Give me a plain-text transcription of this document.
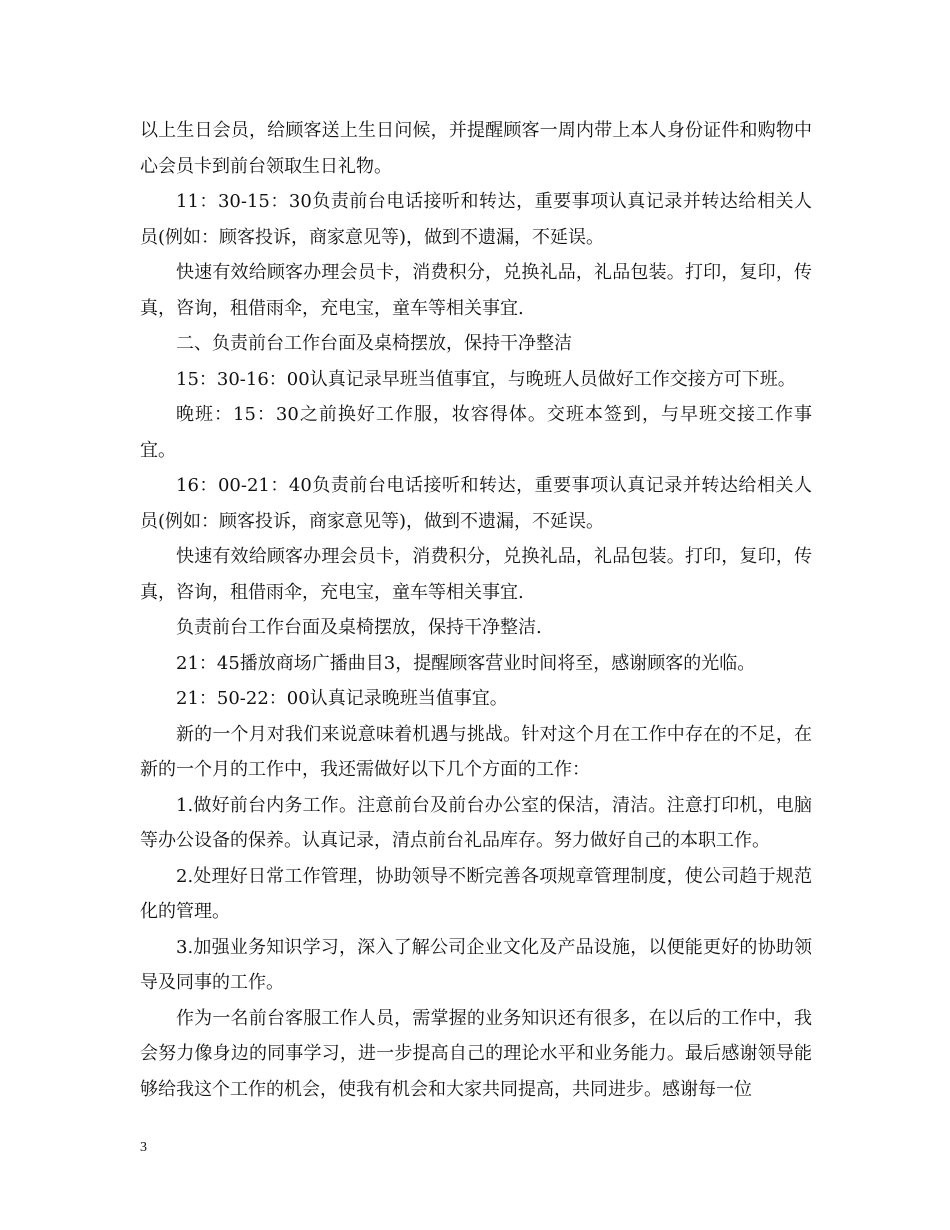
以上生日会员，给顾客送上生日问候，并提醒顾客一周内带上本人身份证件和购物中心会员卡到前台领取生日礼物。

11：30-15：30负责前台电话接听和转达，重要事项认真记录并转达给相关人员(例如：顾客投诉，商家意见等)，做到不遗漏，不延误。

快速有效给顾客办理会员卡，消费积分，兑换礼品，礼品包装。打印，复印，传真，咨询，租借雨伞，充电宝，童车等相关事宜.

二、负责前台工作台面及桌椅摆放，保持干净整洁

15：30-16：00认真记录早班当值事宜，与晚班人员做好工作交接方可下班。

晚班：15：30之前换好工作服，妆容得体。交班本签到，与早班交接工作事宜。

16：00-21：40负责前台电话接听和转达，重要事项认真记录并转达给相关人员(例如：顾客投诉，商家意见等)，做到不遗漏，不延误。

快速有效给顾客办理会员卡，消费积分，兑换礼品，礼品包装。打印，复印，传真，咨询，租借雨伞，充电宝，童车等相关事宜.

负责前台工作台面及桌椅摆放，保持干净整洁.

21：45播放商场广播曲目3，提醒顾客营业时间将至，感谢顾客的光临。

21：50-22：00认真记录晚班当值事宜。

新的一个月对我们来说意味着机遇与挑战。针对这个月在工作中存在的不足，在新的一个月的工作中，我还需做好以下几个方面的工作：

1.做好前台内务工作。注意前台及前台办公室的保洁，清洁。注意打印机，电脑等办公设备的保养。认真记录，清点前台礼品库存。努力做好自己的本职工作。

2.处理好日常工作管理，协助领导不断完善各项规章管理制度，使公司趋于规范化的管理。

3.加强业务知识学习，深入了解公司企业文化及产品设施，以便能更好的协助领导及同事的工作。

作为一名前台客服工作人员，需掌握的业务知识还有很多，在以后的工作中，我会努力像身边的同事学习，进一步提高自己的理论水平和业务能力。最后感谢领导能够给我这个工作的机会，使我有机会和大家共同提高，共同进步。感谢每一位

3
